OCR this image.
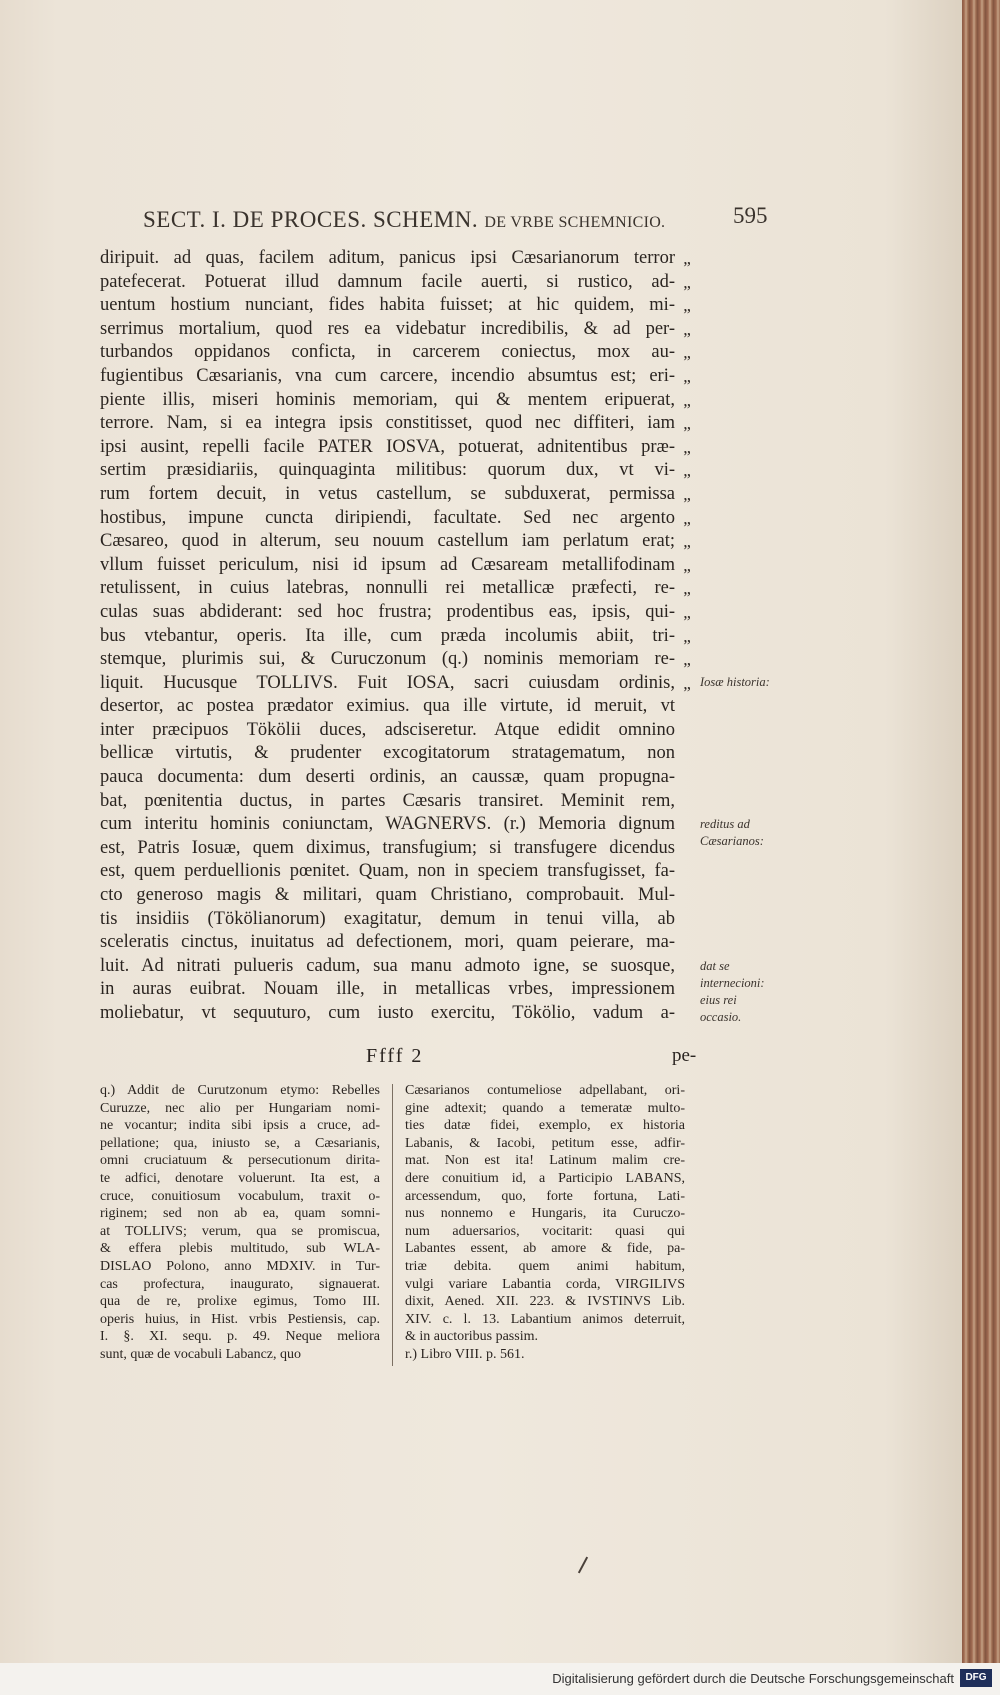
SECT. I. DE PROCES. SCHEMN. DE VRBE SCHEMNICIO.	595
diripuit. ad quas, facilem aditum, panicus ipsi Cæsarianorum terror
patefecerat. Potuerat illud damnum facile auerti, si rustico, ad-
uentum hostium nunciant, fides habita fuisset; at hic quidem, mi-
serrimus mortalium, quod res ea videbatur incredibilis, & ad per-
turbandos oppidanos conficta, in carcerem coniectus, mox au-
fugientibus Cæsarianis, vna cum carcere, incendio absumtus est; eri-
piente illis, miseri hominis memoriam, qui & mentem eripuerat,
terrore. Nam, si ea integra ipsis constitisset, quod nec diffiteri, iam
ipsi ausint, repelli facile PATER IOSVA, potuerat, adnitentibus præ-
sertim præsidiariis, quinquaginta militibus: quorum dux, vt vi-
rum fortem decuit, in vetus castellum, se subduxerat, permissa
hostibus, impune cuncta diripiendi, facultate. Sed nec argento
Cæsareo, quod in alterum, seu nouum castellum iam perlatum erat;
vllum fuisset periculum, nisi id ipsum ad Cæsaream metallifodinam
retulissent, in cuius latebras, nonnulli rei metallicæ præfecti, re-
culas suas abdiderant: sed hoc frustra; prodentibus eas, ipsis, qui-
bus vtebantur, operis. Ita ille, cum præda incolumis abiit, tri-
stemque, plurimis sui, & Curuczonum (q.) nominis memoriam re-
liquit. Hucusque TOLLIVS. Fuit IOSA, sacri cuiusdam ordinis,
desertor, ac postea prædator eximius. qua ille virtute, id meruit, vt
inter præcipuos Tökölii duces, adsciseretur. Atque edidit omnino
bellicæ virtutis, & prudenter excogitatorum stratagematum, non
pauca documenta: dum deserti ordinis, an caussæ, quam propugna-
bat, pœnitentia ductus, in partes Cæsaris transiret. Meminit rem,
cum interitu hominis coniunctam, WAGNERVS. (r.) Memoria dignum
est, Patris Iosuæ, quem diximus, transfugium; si transfugere dicendus
est, quem perduellionis pœnitet. Quam, non in speciem transfugisset, fa-
cto generoso magis & militari, quam Christiano, comprobauit. Mul-
tis insidiis (Tökölianorum) exagitatur, demum in tenui villa, ab
sceleratis cinctus, inuitatus ad defectionem, mori, quam peierare, ma-
luit. Ad nitrati pulueris cadum, sua manu admoto igne, se suosque,
in auras euibrat. Nouam ille, in metallicas vrbes, impressionem
moliebatur, vt sequuturo, cum iusto exercitu, Tökölio, vadum a-
„
„
„
„
„
„
„
„
„
„
„
„
„
„
„
„
„
„
„ Iosæ historia:
reditus ad Cæsarianos:
dat se internecioni: eius rei occasio.
Ffff 2	pe-
q.) Addit de Curutzonum etymo: Rebelles
Curuzze, nec alio per Hungariam nomi-
ne vocantur; indita sibi ipsis a cruce, ad-
pellatione; qua, iniusto se, a Cæsarianis,
omni cruciatuum & persecutionum dirita-
te adfici, denotare voluerunt. Ita est, a
cruce, conuitiosum vocabulum, traxit o-
riginem; sed non ab ea, quam somni-
at TOLLIVS; verum, qua se promiscua,
& effera plebis multitudo, sub WLA-
DISLAO Polono, anno MDXIV. in Tur-
cas profectura, inaugurato, signauerat.
qua de re, prolixe egimus, Tomo III.
operis huius, in Hist. vrbis Pestiensis, cap.
I. §. XI. sequ. p. 49. Neque meliora
sunt, quæ de vocabuli Labancz, quo
Cæsarianos contumeliose adpellabant, ori-
gine adtexit; quando a temeratæ multo-
ties datæ fidei, exemplo, ex historia
Labanis, & Iacobi, petitum esse, adfir-
mat. Non est ita! Latinum malim cre-
dere conuitium id, a Participio LABANS,
arcessendum, quo, forte fortuna, Lati-
nus nonnemo e Hungaris, ita Curuczo-
num aduersarios, vocitarit: quasi qui
Labantes essent, ab amore & fide, pa-
triæ debita. quem animi habitum,
vulgi variare Labantia corda, VIRGILIVS
dixit, Aened. XII. 223. & IVSTINVS Lib.
XIV. c. l. 13. Labantium animos deterruit,
& in auctoribus passim.
r.) Libro VIII. p. 561.
Digitalisierung gefördert durch die Deutsche Forschungsgemeinschaft	DFG
